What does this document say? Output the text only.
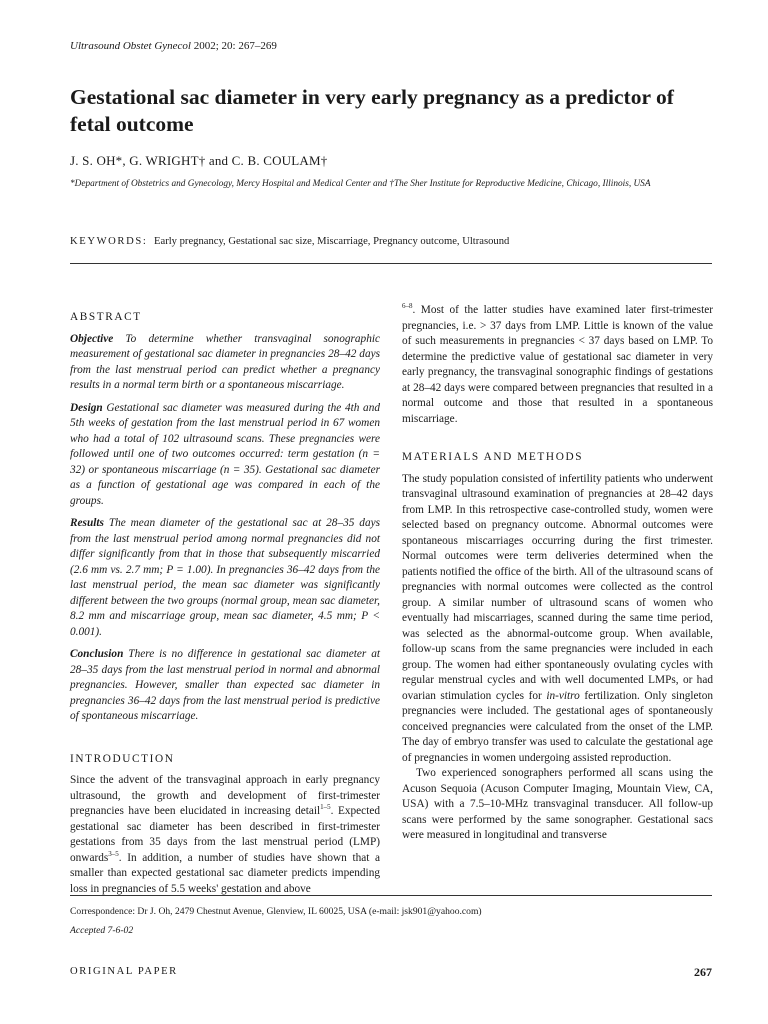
Ultrasound Obstet Gynecol 2002; 20: 267–269
Gestational sac diameter in very early pregnancy as a predictor of fetal outcome
J. S. OH*, G. WRIGHT† and C. B. COULAM†
*Department of Obstetrics and Gynecology, Mercy Hospital and Medical Center and †The Sher Institute for Reproductive Medicine, Chicago, Illinois, USA
KEYWORDS: Early pregnancy, Gestational sac size, Miscarriage, Pregnancy outcome, Ultrasound
ABSTRACT

Objective To determine whether transvaginal sonographic measurement of gestational sac diameter in pregnancies 28–42 days from the last menstrual period can predict whether a pregnancy results in a normal term birth or a spontaneous miscarriage.

Design Gestational sac diameter was measured during the 4th and 5th weeks of gestation from the last menstrual period in 67 women who had a total of 102 ultrasound scans. These pregnancies were followed until one of two outcomes occurred: term gestation (n = 32) or spontaneous miscarriage (n = 35). Gestational sac diameter as a function of gestational age was compared in each of the groups.

Results The mean diameter of the gestational sac at 28–35 days from the last menstrual period among normal pregnancies did not differ significantly from that in those that subsequently miscarried (2.6 mm vs. 2.7 mm; P = 1.00). In pregnancies 36–42 days from the last menstrual period, the mean sac diameter was significantly different between the two groups (normal group, mean sac diameter, 8.2 mm and miscarriage group, mean sac diameter, 4.5 mm; P < 0.001).

Conclusion There is no difference in gestational sac diameter at 28–35 days from the last menstrual period in normal and abnormal pregnancies. However, smaller than expected sac diameter in pregnancies 36–42 days from the last menstrual period is predictive of spontaneous miscarriage.

INTRODUCTION

Since the advent of the transvaginal approach in early pregnancy ultrasound, the growth and development of first-trimester pregnancies have been elucidated in increasing detail$^{1-5}$. Expected gestational sac diameter has been described in first-trimester gestations from 35 days from the last menstrual period (LMP) onwards$^{3-5}$. In addition, a number of studies have shown that a smaller than expected gestational sac diameter predicts impending loss in pregnancies of 5.5 weeks' gestation and above

$^{6-8}$. Most of the latter studies have examined later first-trimester pregnancies, i.e. > 37 days from LMP. Little is known of the value of such measurements in pregnancies < 37 days based on LMP. To determine the predictive value of gestational sac diameter in very early pregnancy, the transvaginal sonographic findings of gestations at 28–42 days were compared between pregnancies that resulted in a normal outcome and those that resulted in a spontaneous miscarriage.

MATERIALS AND METHODS

The study population consisted of infertility patients who underwent transvaginal ultrasound examination of pregnancies at 28–42 days from LMP. In this retrospective case-controlled study, women were selected based on pregnancy outcome. Abnormal outcomes were spontaneous miscarriages occurring during the first trimester. Normal outcomes were term deliveries determined when the patients notified the office of the birth. All of the ultrasound scans of pregnancies with normal outcomes were collected as the control group. A similar number of ultrasound scans of women who eventually had miscarriages, scanned during the same time period, was selected as the abnormal-outcome group. When available, follow-up scans from the same pregnancies were included in each group. The women had either spontaneously ovulating cycles with regular menstrual cycles and with well documented LMPs, or had ovarian stimulation cycles for in-vitro fertilization. Only singleton pregnancies were included. The gestational ages of spontaneously conceived pregnancies were calculated from the onset of the LMP. The day of embryo transfer was used to calculate the gestational age of pregnancies in women undergoing assisted reproduction.

Two experienced sonographers performed all scans using the Acuson Sequoia (Acuson Computer Imaging, Mountain View, CA, USA) with a 7.5–10-MHz transvaginal transducer. All follow-up scans were performed by the same sonographer. Gestational sacs were measured in longitudinal and transverse

Correspondence: Dr J. Oh, 2479 Chestnut Avenue, Glenview, IL 60025, USA (e-mail: jsk901@yahoo.com)
Accepted 7-6-02
ORIGINAL PAPER	267
